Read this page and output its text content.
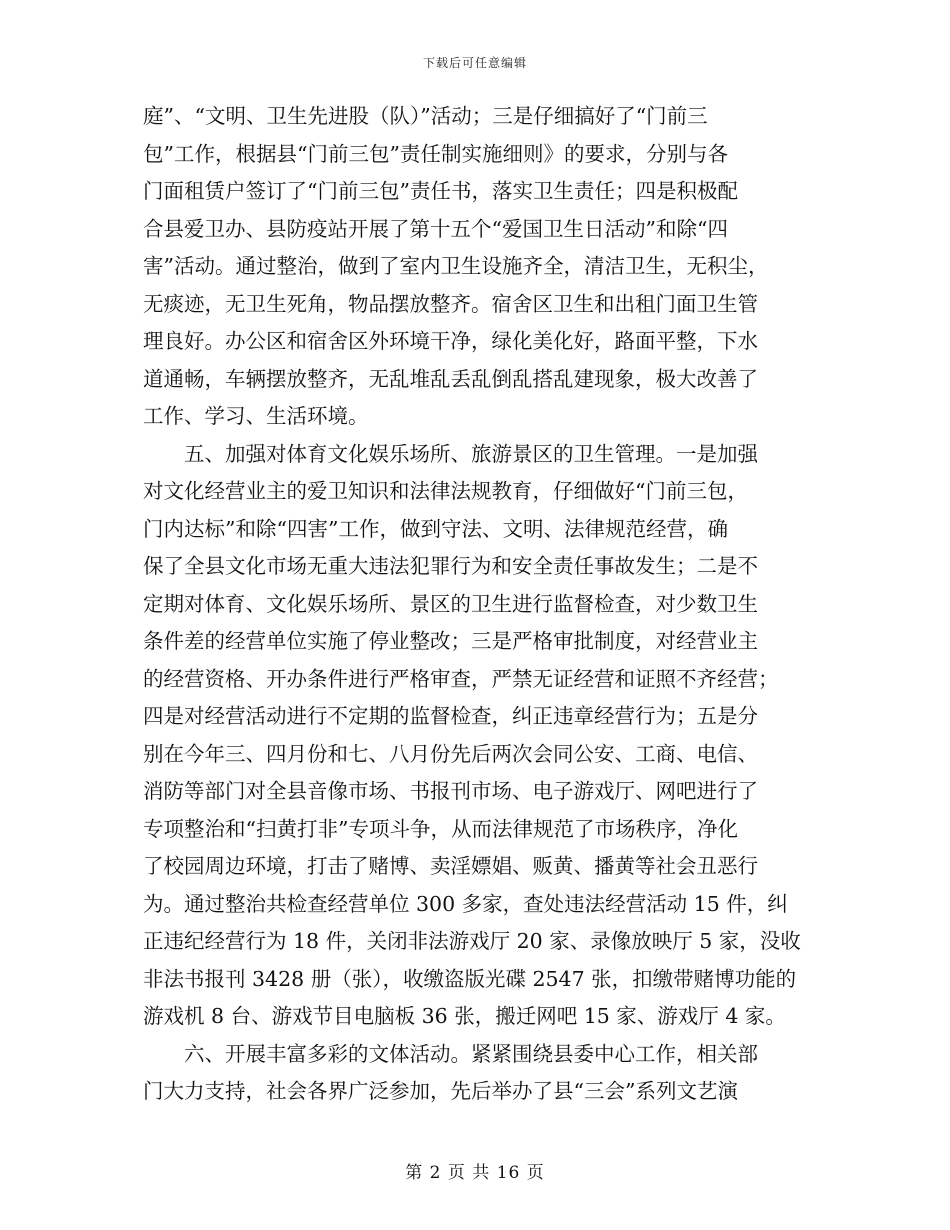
下载后可任意编辑
庭”、“文明、卫生先进股（队）”活动；三是仔细搞好了“门前三
包”工作，根据县“门前三包”责任制实施细则》的要求，分别与各
门面租赁户签订了“门前三包”责任书，落实卫生责任；四是积极配
合县爱卫办、县防疫站开展了第十五个“爱国卫生日活动”和除“四
害”活动。通过整治，做到了室内卫生设施齐全，清洁卫生，无积尘，
无痰迹，无卫生死角，物品摆放整齐。宿舍区卫生和出租门面卫生管
理良好。办公区和宿舍区外环境干净，绿化美化好，路面平整，下水
道通畅，车辆摆放整齐，无乱堆乱丢乱倒乱搭乱建现象，极大改善了
工作、学习、生活环境。
　　五、加强对体育文化娱乐场所、旅游景区的卫生管理。一是加强
对文化经营业主的爱卫知识和法律法规教育，仔细做好“门前三包，
门内达标”和除“四害”工作，做到守法、文明、法律规范经营，确
保了全县文化市场无重大违法犯罪行为和安全责任事故发生；二是不
定期对体育、文化娱乐场所、景区的卫生进行监督检查，对少数卫生
条件差的经营单位实施了停业整改；三是严格审批制度，对经营业主
的经营资格、开办条件进行严格审查，严禁无证经营和证照不齐经营；
四是对经营活动进行不定期的监督检查，纠正违章经营行为；五是分
别在今年三、四月份和七、八月份先后两次会同公安、工商、电信、
消防等部门对全县音像市场、书报刊市场、电子游戏厅、网吧进行了
专项整治和“扫黄打非”专项斗争，从而法律规范了市场秩序，净化
了校园周边环境，打击了赌博、卖淫嫖娼、贩黄、播黄等社会丑恶行
为。通过整治共检查经营单位 300 多家，查处违法经营活动 15 件，纠
正违纪经营行为 18 件，关闭非法游戏厅 20 家、录像放映厅 5 家，没收
非法书报刊 3428 册（张），收缴盗版光碟 2547 张，扣缴带赌博功能的
游戏机 8 台、游戏节目电脑板 36 张，搬迁网吧 15 家、游戏厅 4 家。
　　六、开展丰富多彩的文体活动。紧紧围绕县委中心工作，相关部
门大力支持，社会各界广泛参加，先后举办了县“三会”系列文艺演
第 2 页 共 16 页
